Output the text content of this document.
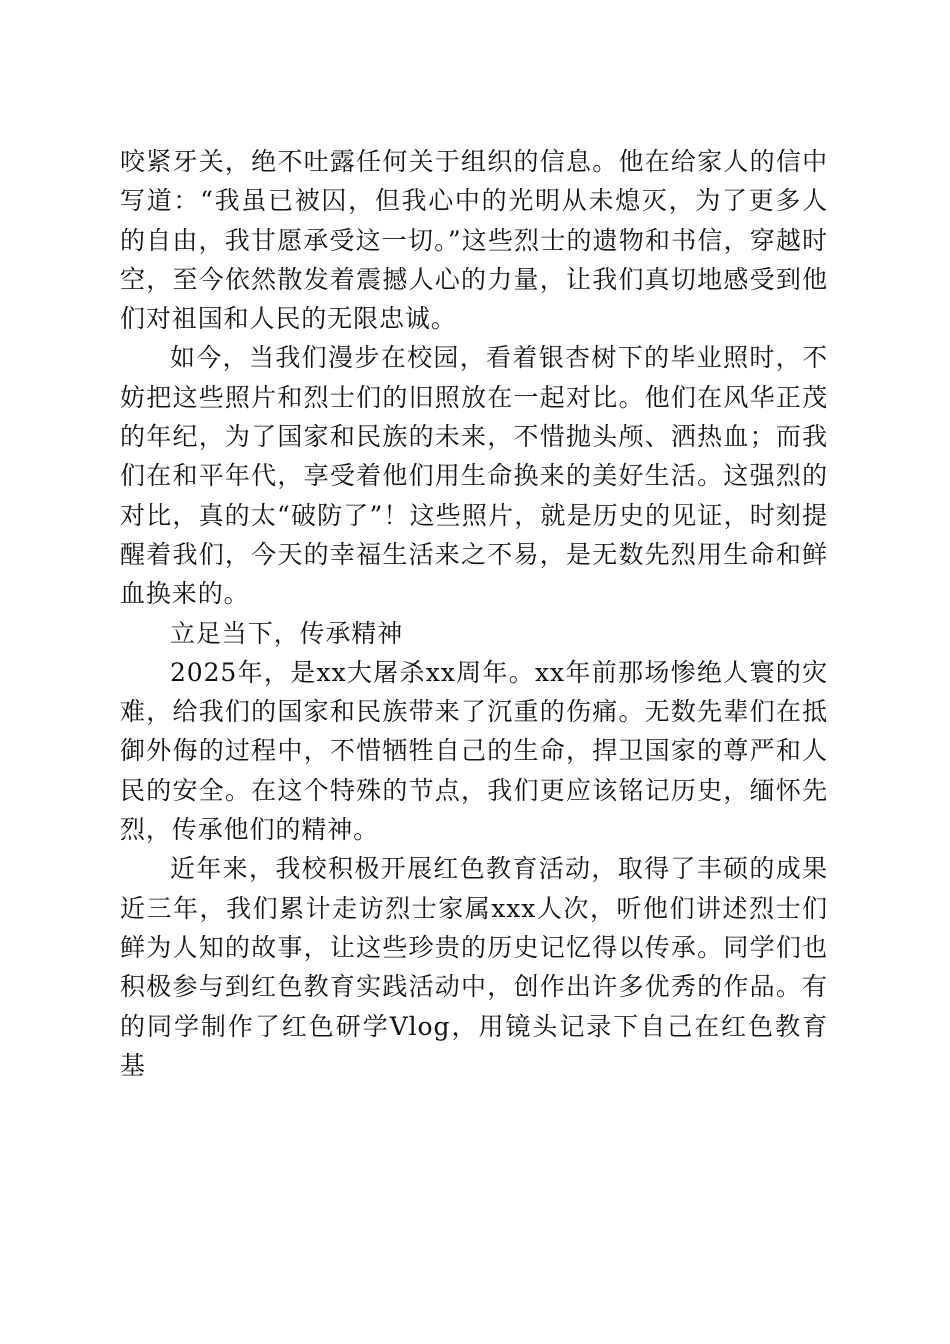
咬紧牙关，绝不吐露任何关于组织的信息。他在给家人的信中写道：“我虽已被囚，但我心中的光明从未熄灭，为了更多人的自由，我甘愿承受这一切。”这些烈士的遗物和书信，穿越时空，至今依然散发着震撼人心的力量，让我们真切地感受到他们对祖国和人民的无限忠诚。

如今，当我们漫步在校园，看着银杏树下的毕业照时，不妨把这些照片和烈士们的旧照放在一起对比。他们在风华正茂的年纪，为了国家和民族的未来，不惜抛头颅、洒热血；而我们在和平年代，享受着他们用生命换来的美好生活。这强烈的对比，真的太“破防了”！这些照片，就是历史的见证，时刻提醒着我们，今天的幸福生活来之不易，是无数先烈用生命和鲜血换来的。

立足当下，传承精神

2025年，是xx大屠杀xx周年。xx年前那场惨绝人寰的灾难，给我们的国家和民族带来了沉重的伤痛。无数先辈们在抵御外侮的过程中，不惜牺牲自己的生命，捍卫国家的尊严和人民的安全。在这个特殊的节点，我们更应该铭记历史，缅怀先烈，传承他们的精神。

近年来，我校积极开展红色教育活动，取得了丰硕的成果近三年，我们累计走访烈士家属xxx人次，听他们讲述烈士们鲜为人知的故事，让这些珍贵的历史记忆得以传承。同学们也积极参与到红色教育实践活动中，创作出许多优秀的作品。有的同学制作了红色研学Vlog，用镜头记录下自己在红色教育基
